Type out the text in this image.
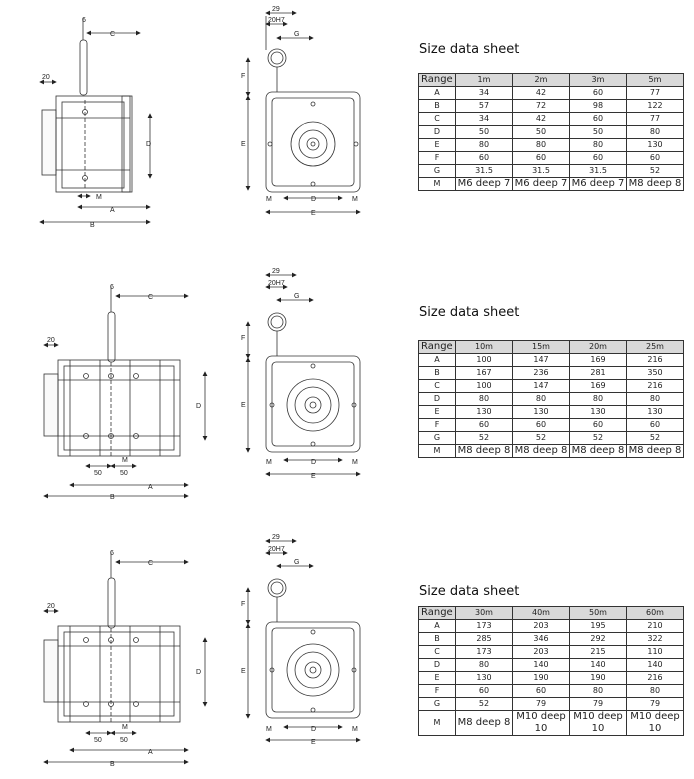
6
C
20
D
M
A
B
29
20H7
G
F
E
M	D	M
E
6
C
20
D
M
50	50
A
B
29
20H7
G
F
E
M	D	M
E
6
C
20
D
M
50	50
A
B
29
20H7
G
F
E
M	D	M
E
Size data sheet
Range	1m	2m	3m	5m
A	34	42	60	77
B	57	72	98	122
C	34	42	60	77
D	50	50	50	80
E	80	80	80	130
F	60	60	60	60
G	31.5	31.5	31.5	52
M	M6 deep 7	M6 deep 7	M6 deep 7	M8 deep 8
Size data sheet
Range	10m	15m	20m	25m
A	100	147	169	216
B	167	236	281	350
C	100	147	169	216
D	80	80	80	80
E	130	130	130	130
F	60	60	60	60
G	52	52	52	52
M	M8 deep 8	M8 deep 8	M8 deep 8	M8 deep 8
Size data sheet
Range	30m	40m	50m	60m
A	173	203	195	210
B	285	346	292	322
C	173	203	215	110
D	80	140	140	140
E	130	190	190	216
F	60	60	80	80
G	52	79	79	79
M	M8 deep 8	M10 deep 10	M10 deep 10	M10 deep 10
